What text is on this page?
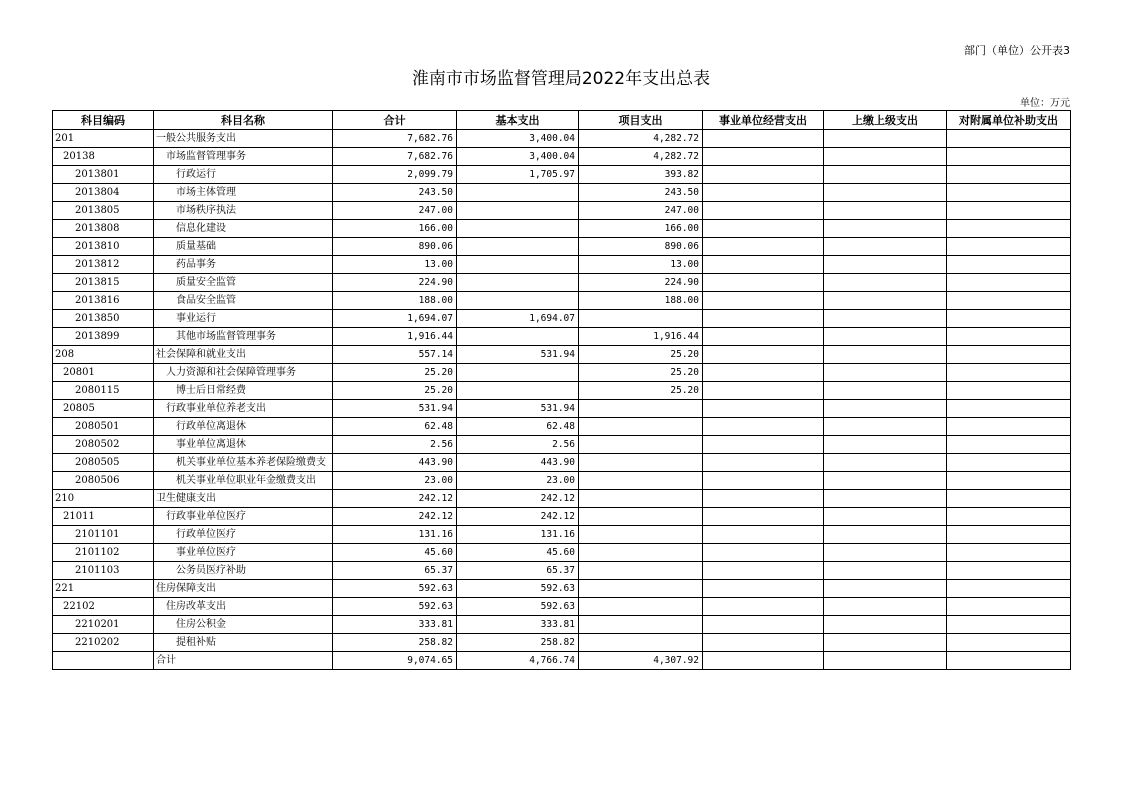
部门（单位）公开表3
淮南市市场监督管理局2022年支出总表
单位：万元
科目编码	科目名称	合计	基本支出	项目支出	事业单位经营支出	上缴上级支出	对附属单位补助支出
201	一般公共服务支出	7,682.76	3,400.04	4,282.72			
20138	市场监督管理事务	7,682.76	3,400.04	4,282.72			
2013801	行政运行	2,099.79	1,705.97	393.82			
2013804	市场主体管理	243.50		243.50			
2013805	市场秩序执法	247.00		247.00			
2013808	信息化建设	166.00		166.00			
2013810	质量基础	890.06		890.06			
2013812	药品事务	13.00		13.00			
2013815	质量安全监管	224.90		224.90			
2013816	食品安全监管	188.00		188.00			
2013850	事业运行	1,694.07	1,694.07				
2013899	其他市场监督管理事务	1,916.44		1,916.44			
208	社会保障和就业支出	557.14	531.94	25.20			
20801	人力资源和社会保障管理事务	25.20		25.20			
2080115	博士后日常经费	25.20		25.20			
20805	行政事业单位养老支出	531.94	531.94				
2080501	行政单位离退休	62.48	62.48				
2080502	事业单位离退休	2.56	2.56				
2080505	机关事业单位基本养老保险缴费支	443.90	443.90				
2080506	机关事业单位职业年金缴费支出	23.00	23.00				
210	卫生健康支出	242.12	242.12				
21011	行政事业单位医疗	242.12	242.12				
2101101	行政单位医疗	131.16	131.16				
2101102	事业单位医疗	45.60	45.60				
2101103	公务员医疗补助	65.37	65.37				
221	住房保障支出	592.63	592.63				
22102	住房改革支出	592.63	592.63				
2210201	住房公积金	333.81	333.81				
2210202	提租补贴	258.82	258.82				
	合计	9,074.65	4,766.74	4,307.92			
